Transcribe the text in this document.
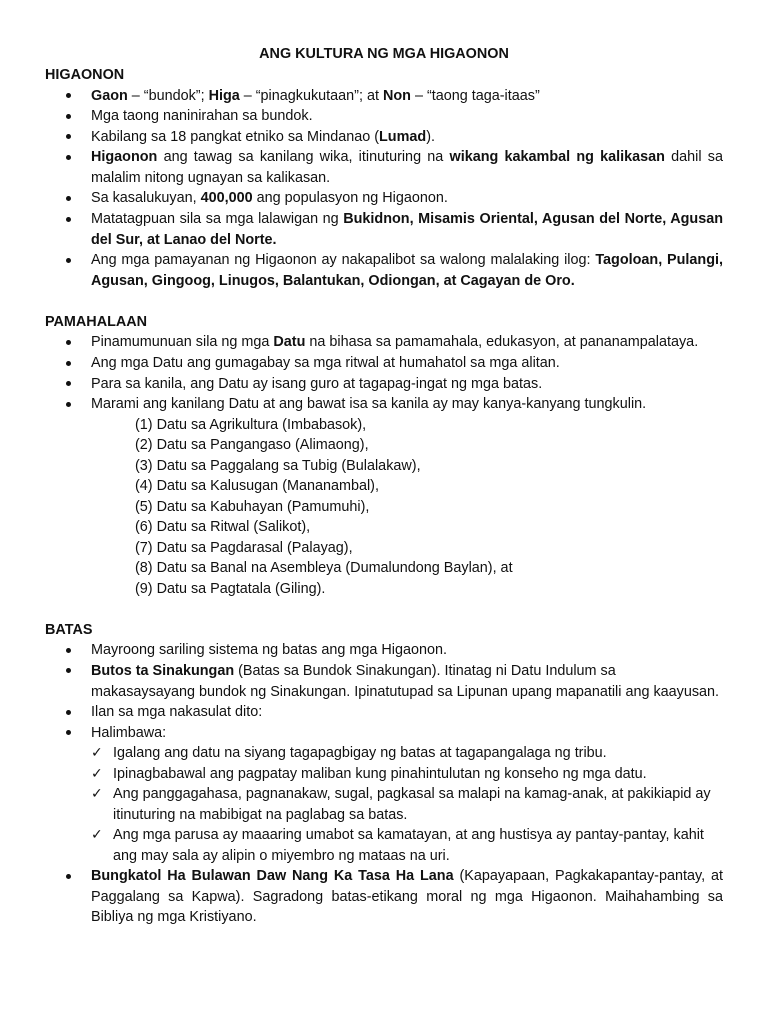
ANG KULTURA NG MGA HIGAONON
HIGAONON
Gaon – “bundok”; Higa – “pinagkukutaan”; at Non – “taong taga-itaas”
Mga taong naninirahan sa bundok.
Kabilang sa 18 pangkat etniko sa Mindanao (Lumad).
Higaonon ang tawag sa kanilang wika, itinuturing na wikang kakambal ng kalikasan dahil sa malalim nitong ugnayan sa kalikasan.
Sa kasalukuyan, 400,000 ang populasyon ng Higaonon.
Matatagpuan sila sa mga lalawigan ng Bukidnon, Misamis Oriental, Agusan del Norte, Agusan del Sur, at Lanao del Norte.
Ang mga pamayanan ng Higaonon ay nakapalibot sa walong malalaking ilog: Tagoloan, Pulangi, Agusan, Gingoog, Linugos, Balantukan, Odiongan, at Cagayan de Oro.
PAMAHALAAN
Pinamumunuan sila ng mga Datu na bihasa sa pamamahala, edukasyon, at pananampalataya.
Ang mga Datu ang gumagabay sa mga ritwal at humahatol sa mga alitan.
Para sa kanila, ang Datu ay isang guro at tagapag-ingat ng mga batas.
Marami ang kanilang Datu at ang bawat isa sa kanila ay may kanya-kanyang tungkulin.
(1) Datu sa Agrikultura (Imbabasok),
(2) Datu sa Pangangaso (Alimaong),
(3) Datu sa Paggalang sa Tubig (Bulalakaw),
(4) Datu sa Kalusugan (Mananambal),
(5) Datu sa Kabuhayan (Pamumuhi),
(6) Datu sa Ritwal (Salikot),
(7) Datu sa Pagdarasal (Palayag),
(8) Datu sa Banal na Asembleya (Dumalundong Baylan), at
(9) Datu sa Pagtatala (Giling).
BATAS
Mayroong sariling sistema ng batas ang mga Higaonon.
Butos ta Sinakungan (Batas sa Bundok Sinakungan). Itinatag ni Datu Indulum sa makasaysayang bundok ng Sinakungan. Ipinatutupad sa Lipunan upang mapanatili ang kaayusan.
Ilan sa mga nakasulat dito:
Halimbawa:
✓ Igalang ang datu na siyang tagapagbigay ng batas at tagapangalaga ng tribu.
✓ Ipinagbabawal ang pagpatay maliban kung pinahintulutan ng konseho ng mga datu.
✓ Ang panggagahasa, pagnanakaw, sugal, pagkasal sa malapi na kamag-anak, at pakikiapid ay itinuturing na mabibigat na paglabag sa batas.
✓ Ang mga parusa ay maaaring umabot sa kamatayan, at ang hustisya ay pantay-pantay, kahit ang may sala ay alipin o miyembro ng mataas na uri.
Bungkatol Ha Bulawan Daw Nang Ka Tasa Ha Lana (Kapayapaan, Pagkakapantay-pantay, at Paggalang sa Kapwa). Sagradong batas-etikang moral ng mga Higaonon. Maihahambing sa Bibliya ng mga Kristiyano.
